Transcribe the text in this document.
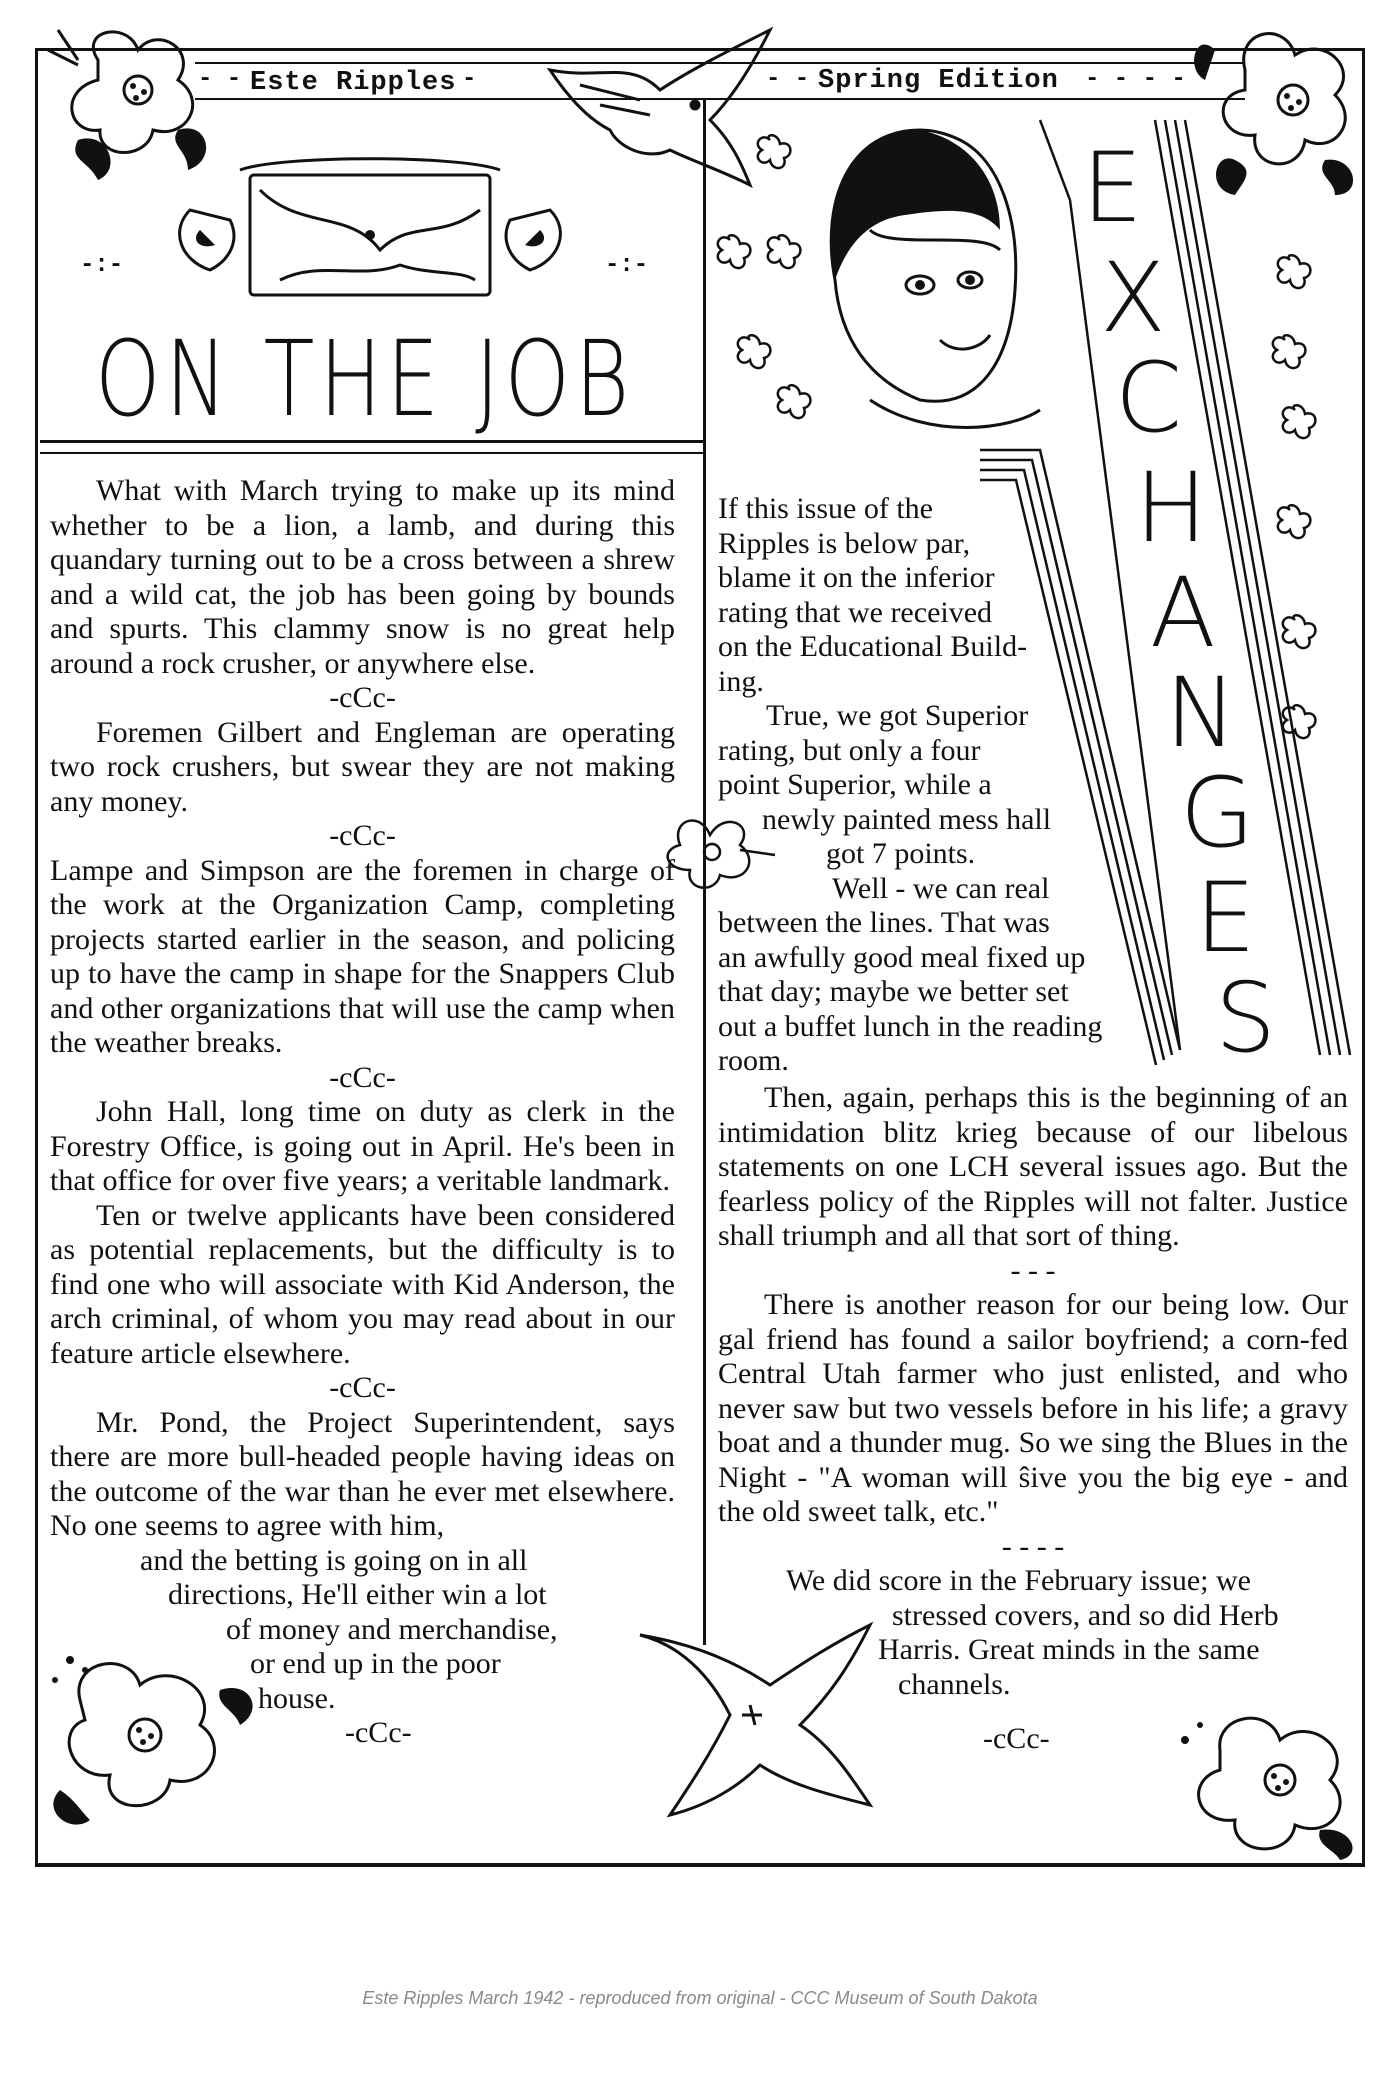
- - Este Ripples -	- - Spring Edition - - - -
-:-	-:-
ON THE JOB
E
X
C
H
A
N
G
E
S

What with March trying to make up its mind whether to be a lion, a lamb, and during this quandary turning out to be a cross between a shrew and a wild cat, the job has been going by bounds and spurts. This clammy snow is no great help around a rock crusher, or anywhere else.

-cCc-

Foremen Gilbert and Engleman are operating two rock crushers, but swear they are not making any money.

-cCc-

Lampe and Simpson are the foremen in charge of the work at the Organization Camp, completing projects started earlier in the season, and policing up to have the camp in shape for the Snappers Club and other organizations that will use the camp when the weather breaks.

-cCc-

John Hall, long time on duty as clerk in the Forestry Office, is going out in April. He's been in that office for over five years; a veritable landmark.

Ten or twelve applicants have been considered as potential replacements, but the difficulty is to find one who will associate with Kid Anderson, the arch criminal, of whom you may read about in our feature article elsewhere.

-cCc-

Mr. Pond, the Project Superintendent, says there are more bull-headed people having ideas on the outcome of the war than he ever met elsewhere. No one seems to agree with him,

and the betting is going on in all

directions, He'll either win a lot

of money and merchandise,

or end up in the poor

house.

-cCc-

If this issue of the

Ripples is below par,

blame it on the inferior

rating that we received

on the Educational Build-

ing.

True, we got Superior

rating, but only a four

point Superior, while a

newly painted mess hall

got 7 points.

Well - we can real

between the lines. That was

an awfully good meal fixed up

that day; maybe we better set

out a buffet lunch in the reading

room.

Then, again, perhaps this is the beginning of an intimidation blitz krieg because of our libelous statements on one LCH several issues ago. But the fearless policy of the Ripples will not falter. Justice shall triumph and all that sort of thing.

- - -

There is another reason for our being low. Our gal friend has found a sailor boyfriend; a corn-fed Central Utah farmer who just enlisted, and who never saw but two vessels before in his life; a gravy boat and a thunder mug. So we sing the Blues in the Night - "A woman will ŝive you the big eye - and the old sweet talk, etc."

- - - -

We did score in the February issue; we

stressed covers, and so did Herb

Harris. Great minds in the same

channels.

-cCc-

Este Ripples March 1942 - reproduced from original - CCC Museum of South Dakota
